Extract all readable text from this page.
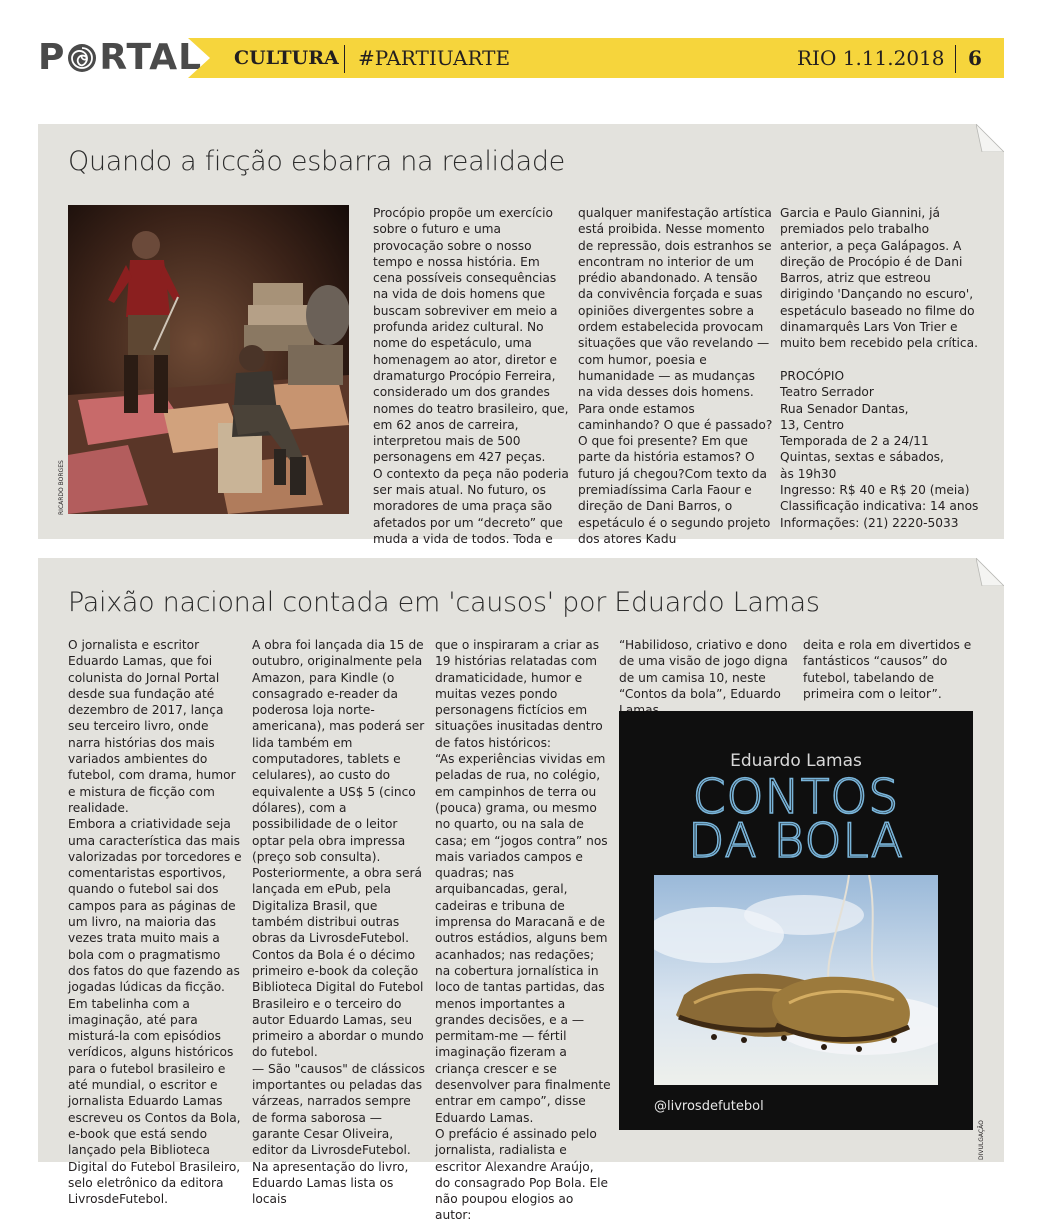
P RTAL CULTURA #PARTIUARTE	RIO 1.11.2018 6
Quando a ficção esbarra na realidade
RICARDO BORGES

Procópio propõe um exercício sobre o futuro e uma provocação sobre o nosso tempo e nossa história. Em cena possíveis consequências na vida de dois homens que buscam sobreviver em meio a profunda aridez cultural. No nome do espetáculo, uma homenagem ao ator, diretor e dramaturgo Procópio Ferreira, considerado um dos grandes nomes do teatro brasileiro, que, em 62 anos de carreira, interpretou mais de 500 personagens em 427 peças.

O contexto da peça não poderia ser mais atual. No futuro, os moradores de uma praça são afetados por um “decreto” que muda a vida de todos. Toda e

qualquer manifestação artística está proibida. Nesse momento de repressão, dois estranhos se encontram no interior de um prédio abandonado. A tensão da convivência forçada e suas opiniões divergentes sobre a ordem estabelecida provocam situações que vão revelando — com humor, poesia e humanidade — as mudanças na vida desses dois homens. Para onde estamos caminhando? O que é passado? O que foi presente? Em que parte da história estamos? O futuro já chegou?Com texto da premiadíssima Carla Faour e direção de Dani Barros, o espetáculo é o segundo projeto dos atores Kadu

Garcia e Paulo Giannini, já premiados pelo trabalho anterior, a peça Galápagos. A direção de Procópio é de Dani Barros, atriz que estreou dirigindo 'Dançando no escuro', espetáculo baseado no filme do dinamarquês Lars Von Trier e muito bem recebido pela crítica.

PROCÓPIO
Teatro Serrador
Rua Senador Dantas,
13, Centro
Temporada de 2 a 24/11
Quintas, sextas e sábados,
às 19h30
Ingresso: R$ 40 e R$ 20 (meia)
Classificação indicativa: 14 anos
Informações: (21) 2220-5033
Paixão nacional contada em 'causos' por Eduardo Lamas

O jornalista e escritor Eduardo Lamas, que foi colunista do Jornal Portal desde sua fundação até dezembro de 2017, lança seu terceiro livro, onde narra histórias dos mais variados ambientes do futebol, com drama, humor e mistura de ficção com realidade.

Embora a criatividade seja uma característica das mais valorizadas por torcedores e comentaristas esportivos, quando o futebol sai dos campos para as páginas de um livro, na maioria das vezes trata muito mais a bola com o pragmatismo dos fatos do que fazendo as jogadas lúdicas da ficção. Em tabelinha com a imaginação, até para misturá-la com episódios verídicos, alguns históricos para o futebol brasileiro e até mundial, o escritor e jornalista Eduardo Lamas escreveu os Contos da Bola, e-book que está sendo lançado pela Biblioteca Digital do Futebol Brasileiro, selo eletrônico da editora LivrosdeFutebol.

A obra foi lançada dia 15 de outubro, originalmente pela Amazon, para Kindle (o consagrado e-reader da poderosa loja norte-americana), mas poderá ser lida também em computadores, tablets e celulares), ao custo do equivalente a US$ 5 (cinco dólares), com a possibilidade de o leitor optar pela obra impressa (preço sob consulta). Posteriormente, a obra será lançada em ePub, pela Digitaliza Brasil, que também distribui outras obras da LivrosdeFutebol.

Contos da Bola é o décimo primeiro e-book da coleção Biblioteca Digital do Futebol Brasileiro e o terceiro do autor Eduardo Lamas, seu primeiro a abordar o mundo do futebol.

— São "causos" de clássicos importantes ou peladas das várzeas, narrados sempre de forma saborosa — garante Cesar Oliveira, editor da LivrosdeFutebol.

Na apresentação do livro, Eduardo Lamas lista os locais

que o inspiraram a criar as 19 histórias relatadas com dramaticidade, humor e muitas vezes pondo personagens fictícios em situações inusitadas dentro de fatos históricos:

“As experiências vividas em peladas de rua, no colégio, em campinhos de terra ou (pouca) grama, ou mesmo no quarto, ou na sala de casa; em “jogos contra” nos mais variados campos e quadras; nas arquibancadas, geral, cadeiras e tribuna de imprensa do Maracanã e de outros estádios, alguns bem acanhados; nas redações; na cobertura jornalística in loco de tantas partidas, das menos importantes a grandes decisões, e a — permitam-me — fértil imaginação fizeram a criança crescer e se desenvolver para finalmente entrar em campo”, disse Eduardo Lamas.

O prefácio é assinado pelo jornalista, radialista e escritor Alexandre Araújo, do consagrado Pop Bola. Ele não poupou elogios ao autor:

“Habilidoso, criativo e dono de uma visão de jogo digna de um camisa 10, neste “Contos da bola”, Eduardo

deita e rola em divertidos e fantásticos “causos” do futebol, tabelando de primeira com o leitor”.

Eduardo Lamas
CONTOS
DA BOLA
@livrosdefutebol
DIVULGAÇÃO
